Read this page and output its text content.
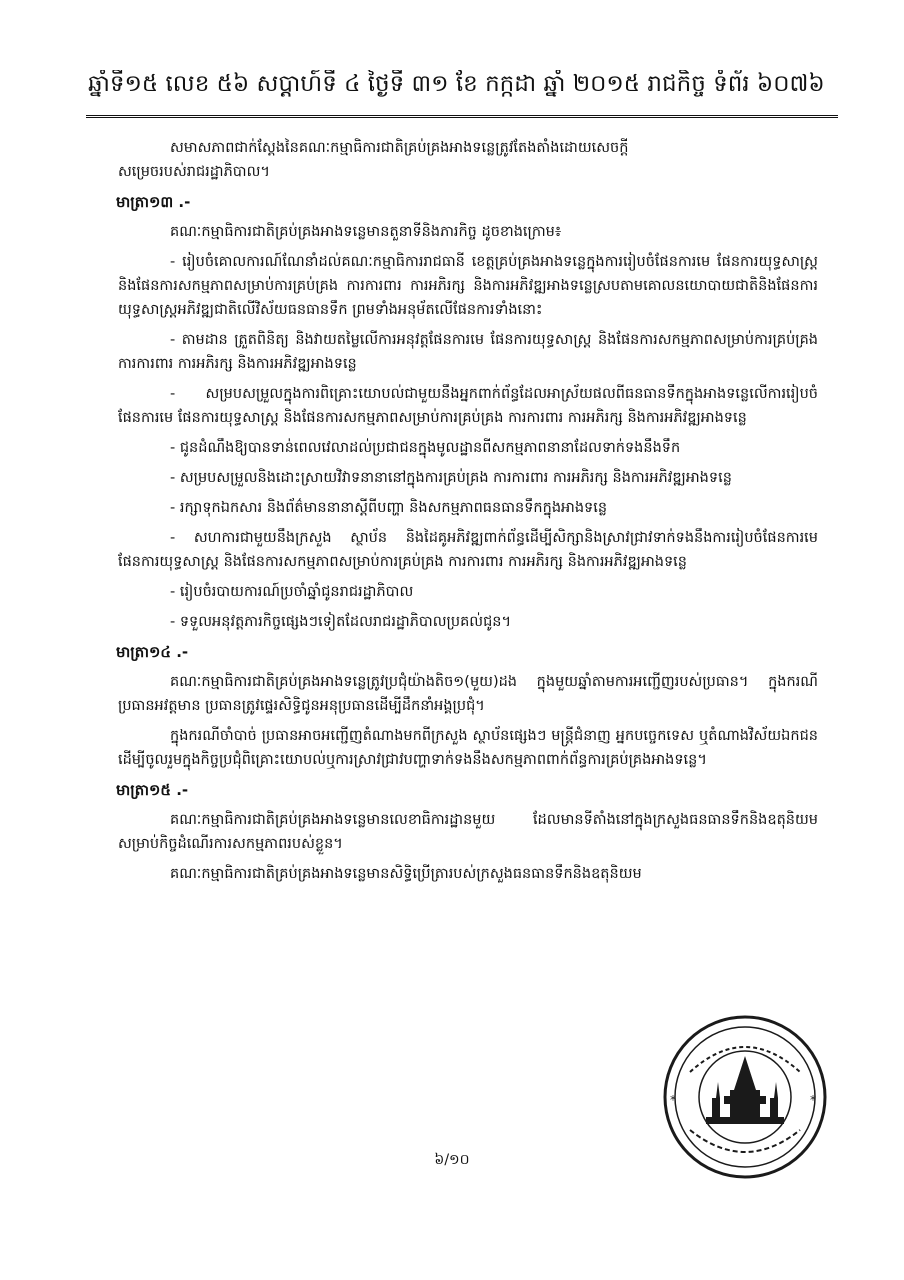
ឆ្នាំទី១៥ លេខ ៥៦ សប្ដាហ៍ទី ៤ ថ្ងៃទី ៣១ ខែ កក្កដា ឆ្នាំ ២០១៥ រាជកិច្ច ទំព័រ ៦០៧៦

សមាសភាពជាក់ស្ដែងនៃគណៈកម្មាធិការជាតិគ្រប់គ្រងអាងទន្លេត្រូវតែងតាំងដោយសេចក្ដី
សម្រេចរបស់រាជរដ្ឋាភិបាល។

មាត្រា១៣ .-

គណៈកម្មាធិការជាតិគ្រប់គ្រងអាងទន្លេមានតួនាទីនិងភារកិច្ច ដូចខាងក្រោម៖

- រៀបចំគោលការណ៍ណែនាំដល់គណៈកម្មាធិការរាជធានី ខេត្តគ្រប់គ្រងអាងទន្លេក្នុងការរៀបចំផែនការមេ ផែនការយុទ្ធសាស្ត្រ និងផែនការសកម្មភាពសម្រាប់ការគ្រប់គ្រង ការការពារ ការអភិរក្ស និងការអភិវឌ្ឍអាងទន្លេស្របតាមគោលនយោបាយជាតិនិងផែនការយុទ្ធសាស្ត្រអភិវឌ្ឍជាតិលើវិស័យធនធានទឹក ព្រមទាំងអនុម័តលើផែនការទាំងនោះ

- តាមដាន ត្រួតពិនិត្យ និងវាយតម្លៃលើការអនុវត្តផែនការមេ ផែនការយុទ្ធសាស្ត្រ និងផែនការសកម្មភាពសម្រាប់ការគ្រប់គ្រង ការការពារ ការអភិរក្ស និងការអភិវឌ្ឍអាងទន្លេ

- សម្របសម្រួលក្នុងការពិគ្រោះយោបល់ជាមួយនឹងអ្នកពាក់ព័ន្ធដែលអាស្រ័យផលពីធនធានទឹកក្នុងអាងទន្លេលើការរៀបចំផែនការមេ ផែនការយុទ្ធសាស្ត្រ និងផែនការសកម្មភាពសម្រាប់ការគ្រប់គ្រង ការការពារ ការអភិរក្ស និងការអភិវឌ្ឍអាងទន្លេ

- ជូនដំណឹងឱ្យបានទាន់ពេលវេលាដល់ប្រជាជនក្នុងមូលដ្ឋានពីសកម្មភាពនានាដែលទាក់ទងនឹងទឹក

- សម្របសម្រួលនិងដោះស្រាយវិវាទនានានៅក្នុងការគ្រប់គ្រង ការការពារ ការអភិរក្ស និងការអភិវឌ្ឍអាងទន្លេ

- រក្សាទុកឯកសារ និងព័ត៌មាននានាស្ដីពីបញ្ហា និងសកម្មភាពធនធានទឹកក្នុងអាងទន្លេ

- សហការជាមួយនឹងក្រសួង ស្ថាប័ន និងដៃគូអភិវឌ្ឍពាក់ព័ន្ធដើម្បីសិក្សានិងស្រាវជ្រាវទាក់ទងនឹងការរៀបចំផែនការមេ ផែនការយុទ្ធសាស្ត្រ និងផែនការសកម្មភាពសម្រាប់ការគ្រប់គ្រង ការការពារ ការអភិរក្ស និងការអភិវឌ្ឍអាងទន្លេ

- រៀបចំរបាយការណ៍ប្រចាំឆ្នាំជូនរាជរដ្ឋាភិបាល

- ទទួលអនុវត្តភារកិច្ចផ្សេងៗទៀតដែលរាជរដ្ឋាភិបាលប្រគល់ជូន។

មាត្រា១៤ .-

គណៈកម្មាធិការជាតិគ្រប់គ្រងអាងទន្លេត្រូវប្រជុំយ៉ាងតិច១(មួយ)ដង ក្នុងមួយឆ្នាំតាមការអញ្ជើញរបស់ប្រធាន។ ក្នុងករណីប្រធានអវត្តមាន ប្រធានត្រូវផ្ទេរសិទ្ធិជូនអនុប្រធានដើម្បីដឹកនាំអង្គប្រជុំ។

ក្នុងករណីចាំបាច់ ប្រធានអាចអញ្ជើញតំណាងមកពីក្រសួង ស្ថាប័នផ្សេងៗ មន្ត្រីជំនាញ អ្នកបច្ចេកទេស ឬតំណាងវិស័យឯកជន ដើម្បីចូលរួមក្នុងកិច្ចប្រជុំពិគ្រោះយោបល់ឬការស្រាវជ្រាវបញ្ហាទាក់ទងនឹងសកម្មភាពពាក់ព័ន្ធការគ្រប់គ្រងអាងទន្លេ។

មាត្រា១៥ .-

គណៈកម្មាធិការជាតិគ្រប់គ្រងអាងទន្លេមានលេខាធិការដ្ឋានមួយ ដែលមានទីតាំងនៅក្នុងក្រសួងធនធានទឹកនិងឧតុនិយមសម្រាប់កិច្ចដំណើរការសកម្មភាពរបស់ខ្លួន។

គណៈកម្មាធិការជាតិគ្រប់គ្រងអាងទន្លេមានសិទ្ធិប្រើត្រារបស់ក្រសួងធនធានទឹកនិងឧតុនិយម

*
*
៦/១០
